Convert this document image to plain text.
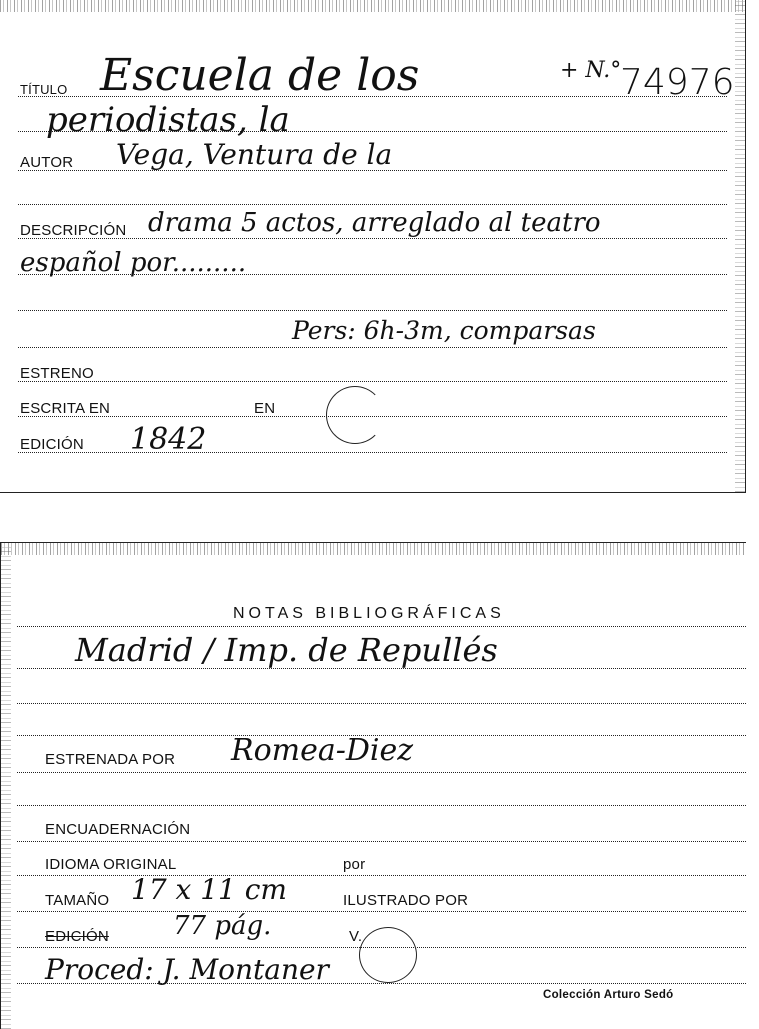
TÍTULO Escuela de los
periodistas, la
+ N.°
74976
AUTOR Vega, Ventura de la
DESCRIPCIÓN drama 5 actos, arreglado al teatro
español por.........
Pers: 6h-3m, comparsas
ESTRENO
ESCRITA EN	EN
EDICIÓN 1842
NOTAS BIBLIOGRÁFICAS
Madrid / Imp. de Repullés
ESTRENADA POR Romea-Diez
ENCUADERNACIÓN
IDIOMA ORIGINAL	por
TAMAÑO 17 x 11 cm	ILUSTRADO POR
EDICIÓN 77 pág.	V.
Proced: J. Montaner
Colección Arturo Sedó
